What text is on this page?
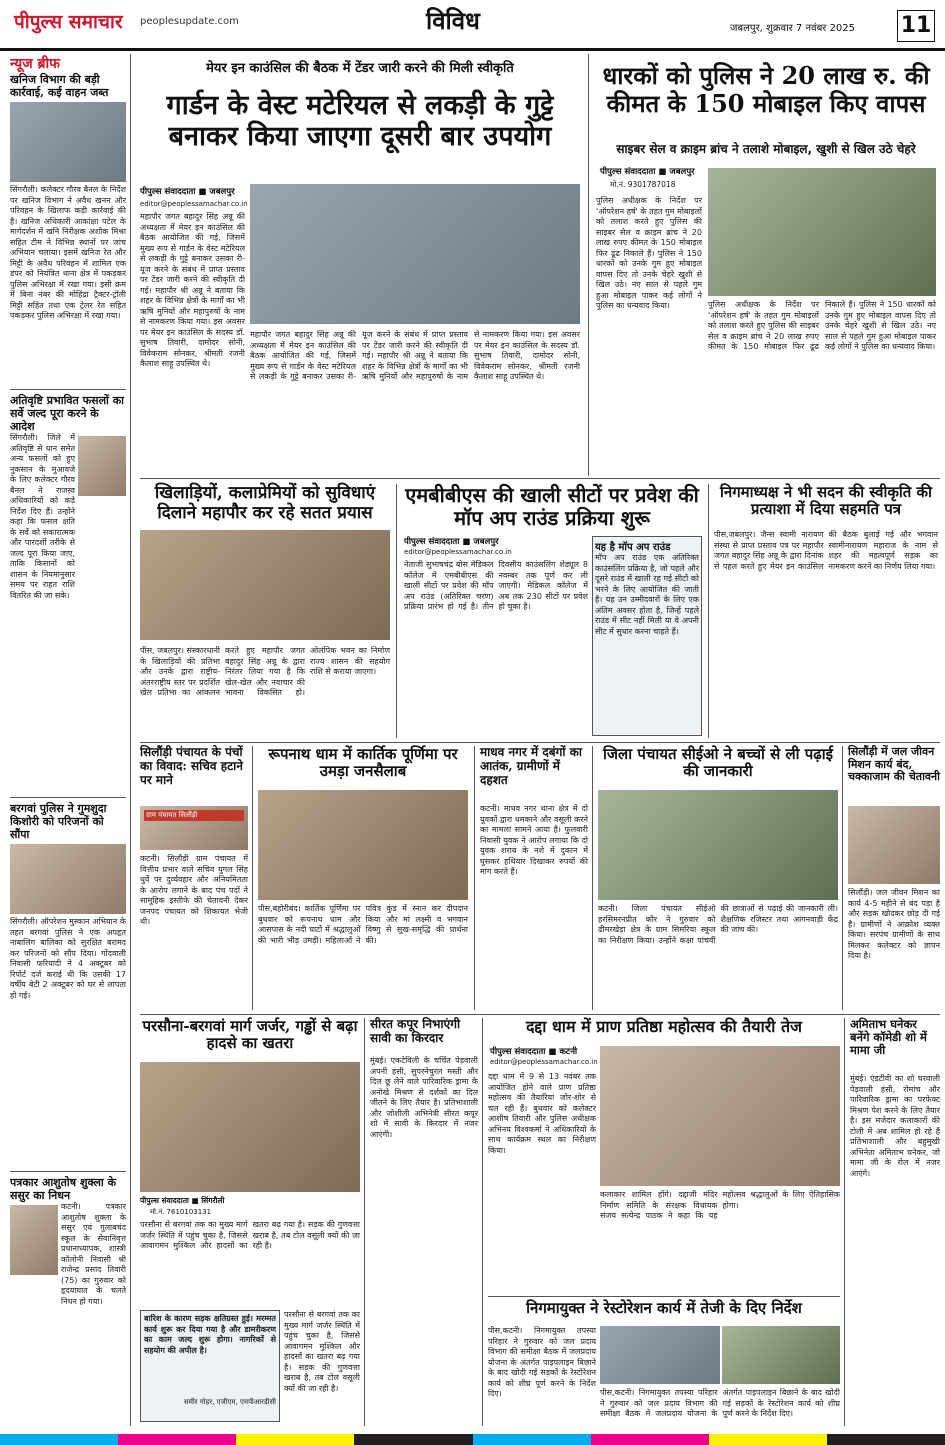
पीपुल्स समाचार peoplesupdate.com	विविध	जबलपुर, शुक्रवार 7 नवंबर 2025 11
न्यूज ब्रीफ
खनिज विभाग की बड़ी कार्रवाई, कई वाहन जब्त
सिंगरौली। कलेक्टर गौरव बैनल के निर्देश पर खनिज विभाग ने अवैध खनन और परिवहन के खिलाफ कड़ी कार्रवाई की है। खनिज अधिकारी आकांक्षा पटेल के मार्गदर्शन में खनि निरीक्षक अशोक मिश्रा सहित टीम ने विभिन्न स्थानों पर जांच अभियान चलाया। इसमें खनिज रेत और मिट्टी के अवैध परिवहन में शामिल एक डंपर को नियंत्रित थाना क्षेत्र में पकड़कर पुलिस अभिरक्षा में रखा गया। इसी क्रम में बिना नंबर की मोहिंद्रा ट्रैक्टर-ट्रॉली मिट्टी सहित तथा एक ट्रेलर रेत सहित पकड़कर पुलिस अभिरक्षा में रखा गया।
अतिवृष्टि प्रभावित फसलों का सर्वे जल्द पूरा करने के आदेश
सिंगरौली। जिले में अतिवृष्टि से धान समेत अन्य फसलों को हुए नुकसान के मुआवजे के लिए कलेक्टर गौरव बैनल ने राजस्व अधिकारियों को कड़े निर्देश दिए हैं। उन्होंने कहा कि फसल क्षति के सर्वे को सकारात्मक और पारदर्शी तरीके से जल्द पूरा किया जाए, ताकि किसानों को शासन के नियमानुसार समय पर राहत राशि वितरित की जा सके।
बरगवां पुलिस ने गुमशुदा किशोरी को परिजनों को सौंपा
सिंगरौली। ऑपरेशन मुस्कान अभियान के तहत बरगवां पुलिस ने एक अपहृत नाबालिग बालिका को सुरक्षित बरामद कर परिजनों को सौंप दिया। गोंदवाली निवासी फरियादी ने 4 अक्टूबर को रिपोर्ट दर्ज कराई थी कि उसकी 17 वर्षीय बेटी 2 अक्टूबर को घर से लापता हो गई।
पत्रकार आशुतोष शुक्ला के ससुर का निधन
कटनी। पत्रकार आशुतोष शुक्ला के ससुर एवं गुलाबचंद स्कूल के सेवानिवृत्त प्रधानाध्यापक, शास्त्री कॉलोनी निवासी श्री राजेन्द्र प्रसाद तिवारी (75) का गुरुवार को हृदयाघात के चलते निधन हो गया।
मेयर इन काउंसिल की बैठक में टेंडर जारी करने की मिली स्वीकृति
गार्डन के वेस्ट मटेरियल से लकड़ी के गुट्टे बनाकर किया जाएगा दूसरी बार उपयोग
पीपुल्स संवाददाता ■ जबलपुर
editor@peoplessamachar.co.in
महापौर जगत बहादुर सिंह अन्नू की अध्यक्षता में मेयर इन काउंसिल की बैठक आयोजित की गई, जिसमें मुख्य रूप से गार्डन के वेस्ट मटेरियल से लकड़ी के गुट्टे बनाकर उसका री-यूज करने के संबंध में प्राप्त प्रस्ताव पर टेंडर जारी करने की स्वीकृति दी गई। महापौर श्री अन्नू ने बताया कि शहर के विभिन्न क्षेत्रों के मार्गों का भी ऋषि मुनियों और महापुरुषों के नाम से नामकरण किया गया। इस अवसर पर मेयर इन काउंसिल के सदस्य डॉ. सुभाष तिवारी, दामोदर सोनी, विवेकराम सोनकर, श्रीमती रजनी कैलाश साहू उपस्थित थे।
महापौर जगत बहादुर सिंह अन्नू की अध्यक्षता में मेयर इन काउंसिल की बैठक आयोजित की गई, जिसमें मुख्य रूप से गार्डन के वेस्ट मटेरियल से लकड़ी के गुट्टे बनाकर उसका री-यूज करने के संबंध में प्राप्त प्रस्ताव पर टेंडर जारी करने की स्वीकृति दी गई। महापौर श्री अन्नू ने बताया कि शहर के विभिन्न क्षेत्रों के मार्गों का भी ऋषि मुनियों और महापुरुषों के नाम से नामकरण किया गया। इस अवसर पर मेयर इन काउंसिल के सदस्य डॉ. सुभाष तिवारी, दामोदर सोनी, विवेकराम सोनकर, श्रीमती रजनी कैलाश साहू उपस्थित थे।
धारकों को पुलिस ने 20 लाख रु. की कीमत के 150 मोबाइल किए वापस
साइबर सेल व क्राइम ब्रांच ने तलाशे मोबाइल, खुशी से खिल उठे चेहरे
पीपुल्स संवाददाता ■ जबलपुर
मो.नं. 9301787018
पुलिस अधीक्षक के निर्देश पर 'ऑपरेशन हर्ष' के तहत गुम मोबाइलों को तलाश करते हुए पुलिस की साइबर सेल व क्राइम ब्रांच ने 20 लाख रुपए कीमत के 150 मोबाइल फिर ढूंढ निकाले हैं। पुलिस ने 150 धारकों को उनके गुम हुए मोबाइल वापस दिए तो उनके चेहरे खुशी से खिल उठे। नए साल से पहले गुम हुआ मोबाइल पाकर कई लोगों ने पुलिस का धन्यवाद किया।	पुलिस अधीक्षक के निर्देश पर 'ऑपरेशन हर्ष' के तहत गुम मोबाइलों को तलाश करते हुए पुलिस की साइबर सेल व क्राइम ब्रांच ने 20 लाख रुपए कीमत के 150 मोबाइल फिर ढूंढ निकाले हैं। पुलिस ने 150 धारकों को उनके गुम हुए मोबाइल वापस दिए तो उनके चेहरे खुशी से खिल उठे। नए साल से पहले गुम हुआ मोबाइल पाकर कई लोगों ने पुलिस का धन्यवाद किया।
खिलाड़ियों, कलाप्रेमियों को सुविधाएं दिलाने महापौर कर रहे सतत प्रयास
पीस, जबलपुर। संस्कारधानी के खिलाड़ियों की प्रतिभा और उनके द्वारा राष्ट्रीय-अंतरराष्ट्रीय स्तर पर प्रदर्शित खेल प्रतिभा का आंकलन करते हुए महापौर जगत बहादुर सिंह अन्नू के द्वारा निरंतर लिया गया है कि खेल-खेल और नवाचार की भावना विकसित हो। ओलंपिक भवन का निर्माण राज्य शासन की सहयोग राशि से कराया जाएगा।
एमबीबीएस की खाली सीटों पर प्रवेश की मॉप अप राउंड प्रक्रिया शुरू
पीपुल्स संवाददाता ■ जबलपुर
editor@peoplessamachar.co.in
नेताजी सुभाषचंद्र बोस मेडिकल कॉलेज में एमबीबीएस की खाली सीटों पर प्रवेश की मॉप अप राउंड (अतिरिक्त चरण) प्रक्रिया प्रारंभ हो गई है। तीन दिवसीय काउंसलिंग शेड्यूल 8 नवम्बर तक पूर्ण कर ली जाएगी। मेडिकल कॉलेज में अब तक 230 सीटों पर प्रवेश हो चुका है।
यह है मॉप अप राउंड
मॉप अप राउंड एक अतिरिक्त काउंसलिंग प्रक्रिया है, जो पहले और दूसरे राउंड में खाली रह गई सीटों को भरने के लिए आयोजित की जाती है। यह उन उम्मीदवारों के लिए एक अंतिम अवसर होता है, जिन्हें पहले राउंड में सीट नहीं मिली या वे अपनी सीट में सुधार करना चाहते हैं।
निगमाध्यक्ष ने भी सदन की स्वीकृति की प्रत्याशा में दिया सहमति पत्र
पीस,जबलपुर। जैन्स स्वामी नारायण संस्था से प्राप्त प्रस्ताव पत्र पर महापौर जगत बहादुर सिंह अन्नू के द्वारा दिनांक से पहल करते हुए मेयर इन काउंसिल की बैठक बुलाई गई और भगवान स्वामीनारायण महाराज के नाम से शहर की महत्वपूर्ण सड़क का नामकरण करने का निर्णय लिया गया।
सिलौंड़ी पंचायत के पंचों का विवाद: सचिव हटाने पर माने
ग्राम पंचायत सिलौंड़ी
कटनी। सिलौंड़ी ग्राम पंचायत में वित्तीय प्रभार वाले सचिव युगल सिंह धुर्वे पर दुर्व्यवहार और अनियमितता के आरोप लगाने के बाद पंच पदों ने सामूहिक इस्तीफे की चेतावनी देकर जनपद पंचायत को शिकायत भेजी थी।
रूपनाथ धाम में कार्तिक पूर्णिमा पर उमड़ा जनसैलाब
पीस,बहोरीबंद। कार्तिक पूर्णिमा पर बुधवार को रूपनाथ धाम और आसपास के नदी घाटों में श्रद्धालुओं की भारी भीड़ उमड़ी। महिलाओं ने पवित्र कुंड में स्नान कर दीपदान किया और मां लक्ष्मी व भगवान विष्णु से सुख-समृद्धि की प्रार्थना की।
माधव नगर में दबंगों का आतंक, ग्रामीणों में दहशत
कटनी। माधव नगर थाना क्षेत्र में दो युवकों द्वारा धमकाने और वसूली करने का मामला सामने आया है। फुलवारी निवासी युवक ने आरोप लगाया कि दो युवक शराब के नशे में दुकान में घुसकर हथियार दिखाकर रुपयों की मांग करते हैं।
जिला पंचायत सीईओ ने बच्चों से ली पढ़ाई की जानकारी
कटनी। जिला पंचायत सीईओ हरसिमरनप्रीत कौर ने गुरुवार को ढीमरखेड़ा क्षेत्र के ग्राम सिमरिया स्कूल का निरीक्षण किया। उन्होंने कक्षा पांचवीं की छात्राओं से पढ़ाई की जानकारी ली। शैक्षणिक रजिस्टर तथा आंगनवाड़ी केंद्र की जांच की।
सिलौंड़ी में जल जीवन मिशन कार्य बंद, चक्काजाम की चेतावनी
सिलौंड़ी। जल जीवन मिशन का कार्य 4-5 महीने से बंद पड़ा है और सड़क खोदकर छोड़ दी गई है। ग्रामीणों ने आक्रोश व्यक्त किया। सरपंच ग्रामीणों के साथ मिलकर कलेक्टर को ज्ञापन दिया है।
परसौना-बरगवां मार्ग जर्जर, गड्ढों से बढ़ा हादसे का खतरा
पीपुल्स संवाददाता ■ सिंगरौली
मो.नं. 7610103131
परसौना से बरगवां तक का मुख्य मार्ग जर्जर स्थिति में पहुंच चुका है, जिससे आवागमन मुश्किल और हादसों का खतरा बढ़ गया है। सड़क की गुणवत्ता खराब है, तब टोल वसूली क्यों की जा रही है।
बारिश के कारण सड़क क्षतिग्रस्त हुई। मरम्मत कार्य शुरू कर दिया गया है और डामरीकरण का काम जल्द शुरू होगा। नागरिकों से सहयोग की अपील है।
समीर गोहर, एजीएम, एमपीआरडीसी
परसौना से बरगवां तक का मुख्य मार्ग जर्जर स्थिति में पहुंच चुका है, जिससे आवागमन मुश्किल और हादसों का खतरा बढ़ गया है। सड़क की गुणवत्ता खराब है, तब टोल वसूली क्यों की जा रही है।
सीरत कपूर निभाएंगी सावी का किरदार
मुंबई। एकटेविली के चर्चित पेड़वाली अपनी हंसी, सुपरनेचुरल मस्ती और दिल छू लेने वाले पारिवारिक ड्रामा के अनोखे मिश्रण से दर्शकों का दिल जीतने के लिए तैयार है। प्रतिभाशाली और जोशीली अभिनेत्री सीरत कपूर शो में सावी के किरदार में नजर आएंगी।
दद्दा धाम में प्राण प्रतिष्ठा महोत्सव की तैयारी तेज
पीपुल्स संवाददाता ■ कटनी
editor@peoplessamachar.co.in
दद्दा धाम में 9 से 13 नवंबर तक आयोजित होने वाले प्राण प्रतिष्ठा महोत्सव की तैयारियां जोर-शोर से चल रही हैं। बुधवार को कलेक्टर आशीष तिवारी और पुलिस अधीक्षक अभिनय विश्वकर्मा ने अधिकारियों के साथ कार्यक्रम स्थल का निरीक्षण किया।
कलाकार शामिल होंगे। दद्दाजी मंदिर निर्माण समिति के संरक्षक विधायक संजय सत्येन्द्र पाठक ने कहा कि यह महोत्सव श्रद्धालुओं के लिए ऐतिहासिक होगा।
अमिताभ घनेकर बनेंगे कॉमेडी शो में मामा जी
मुंबई। एंडटीवी का शो घरवाली पेड़वाली हंसी, रोमांच और पारिवारिक ड्रामा का परफेक्ट मिश्रण पेश करने के लिए तैयार है। इस मजेदार कलाकारों की टोली में अब शामिल हो रहे हैं प्रतिभाशाली और बहुमुखी अभिनेता अमिताभ घनेकर, जो मामा जी के रोल में नजर आएंगे।
निगमायुक्त ने रेस्टोरेशन कार्य में तेजी के दिए निर्देश
पीस,कटनी। निगमायुक्त तपस्या परिहार ने गुरुवार को जल प्रदाय विभाग की समीक्षा बैठक में जलप्रदाय योजना के अंतर्गत पाइपलाइन बिछाने के बाद खोदी गई सड़कों के रेस्टोरेशन कार्य को शीघ्र पूर्ण करने के निर्देश दिए।	पीस,कटनी। निगमायुक्त तपस्या परिहार ने गुरुवार को जल प्रदाय विभाग की समीक्षा बैठक में जलप्रदाय योजना के अंतर्गत पाइपलाइन बिछाने के बाद खोदी गई सड़कों के रेस्टोरेशन कार्य को शीघ्र पूर्ण करने के निर्देश दिए।
